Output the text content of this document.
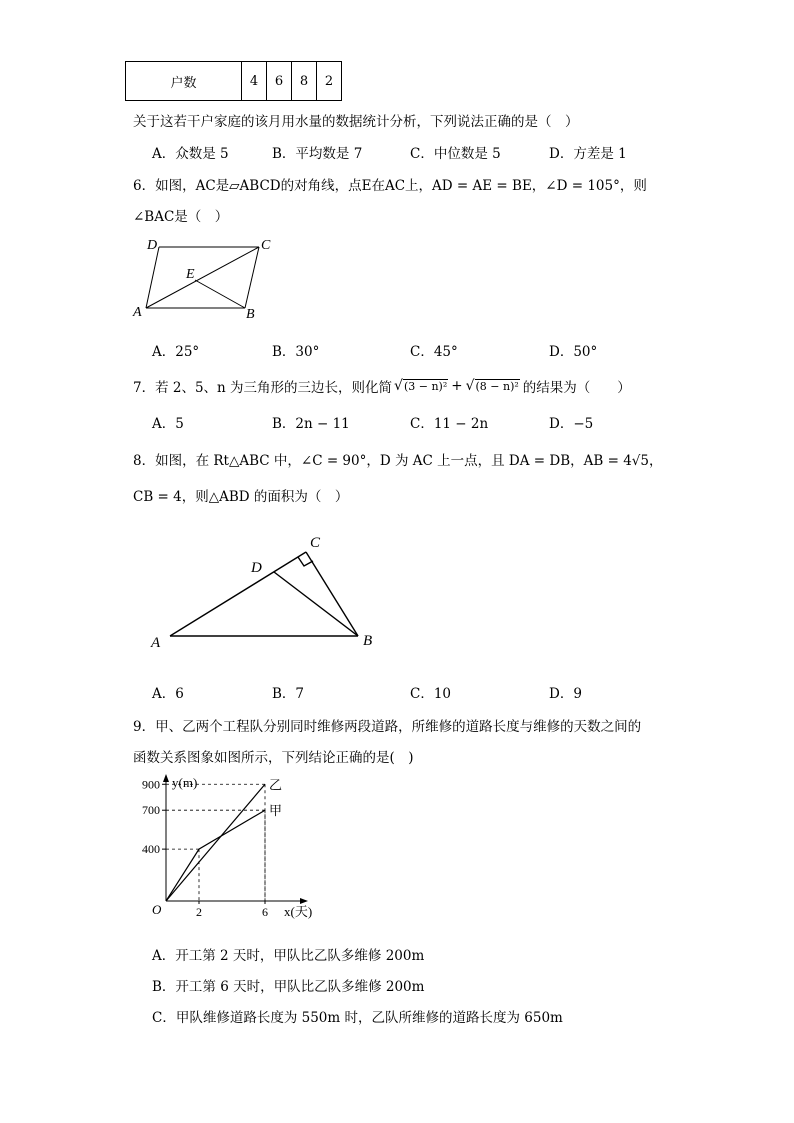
户数	4	6	8	2
关于这若干户家庭的该月用水量的数据统计分析，下列说法正确的是（　）
A．众数是 5	B．平均数是 7	C．中位数是 5	D．方差是 1
6．如图，AC是▱ABCD的对角线，点E在AC上，AD = AE = BE，∠D = 105°，则
∠BAC是（　）
D	C
E
A	B
A．25°	B．30°	C．45°	D．50°
7．若 2、5、n 为三角形的三边长，则化简 √ (3 − n)² + √ (8 − n)² 的结果为（　　）
A．5	B．2n − 11	C．11 − 2n	D．−5
8．如图，在 Rt△ABC 中，∠C = 90°，D 为 AC 上一点，且 DA = DB，AB = 4√5，
CB = 4，则△ABD 的面积为（　）
C
D
A	B
A．6	B．7	C．10	D．9
9．甲、乙两个工程队分别同时维修两段道路，所维修的道路长度与维修的天数之间的
函数关系图象如图所示，下列结论正确的是(　)
y(m)
x(天)
O
400
700
900
2	6
甲
乙
A．开工第 2 天时，甲队比乙队多维修 200m
B．开工第 6 天时，甲队比乙队多维修 200m
C．甲队维修道路长度为 550m 时，乙队所维修的道路长度为 650m
